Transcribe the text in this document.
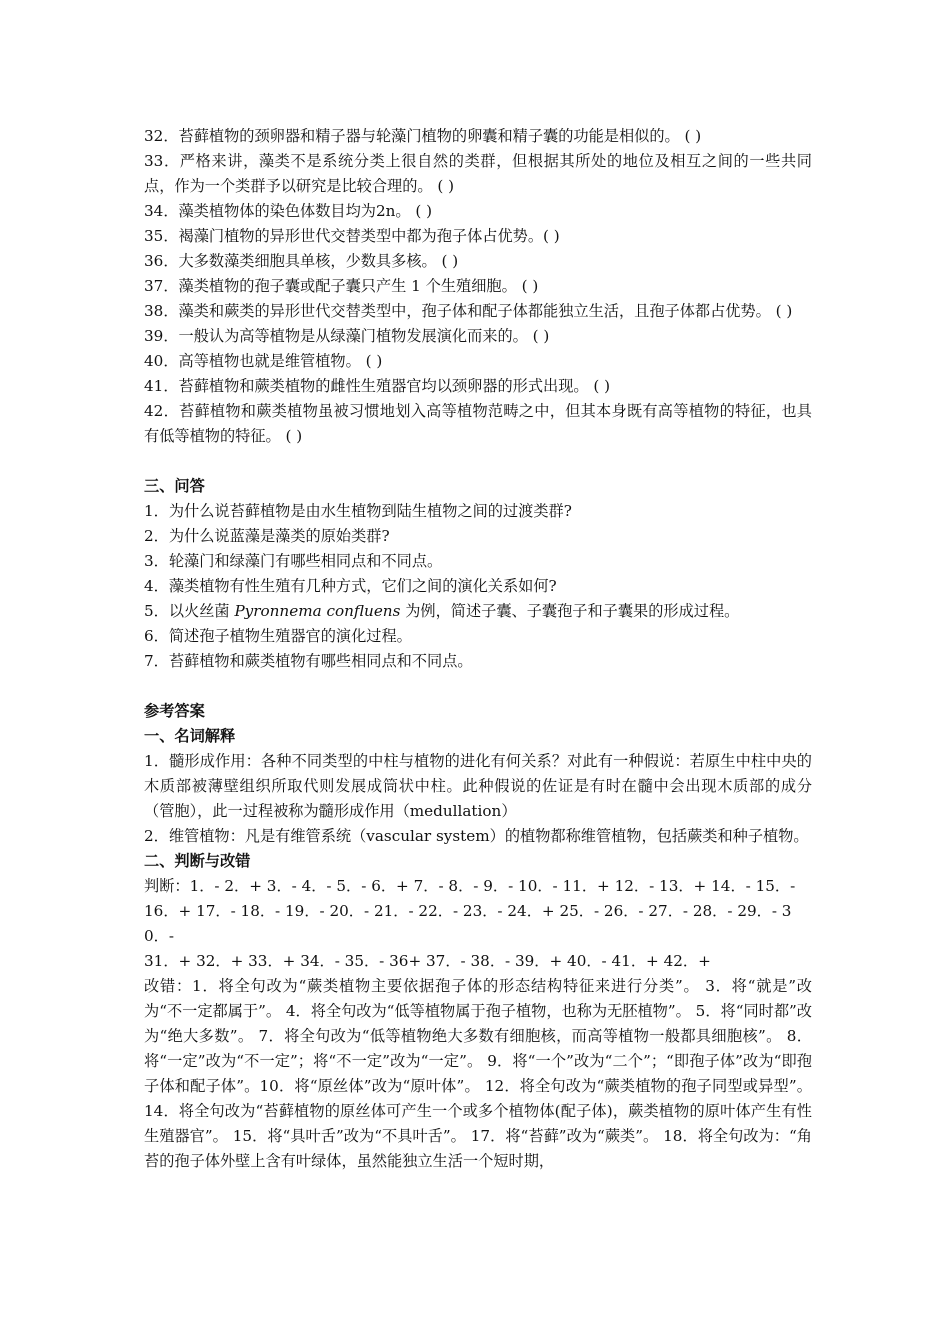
32．苔藓植物的颈卵器和精子器与轮藻门植物的卵囊和精子囊的功能是相似的。 ( )

33．严格来讲，藻类不是系统分类上很自然的类群，但根据其所处的地位及相互之间的一些共同点，作为一个类群予以研究是比较合理的。 ( )

34．藻类植物体的染色体数目均为2n。 ( )

35．褐藻门植物的异形世代交替类型中都为孢子体占优势。( )

36．大多数藻类细胞具单核，少数具多核。 ( )

37．藻类植物的孢子囊或配子囊只产生 1 个生殖细胞。 ( )

38．藻类和蕨类的异形世代交替类型中，孢子体和配子体都能独立生活，且孢子体都占优势。 ( )

39．一般认为高等植物是从绿藻门植物发展演化而来的。 ( )

40．高等植物也就是维管植物。 ( )

41．苔藓植物和蕨类植物的雌性生殖器官均以颈卵器的形式出现。 ( )

42．苔藓植物和蕨类植物虽被习惯地划入高等植物范畴之中，但其本身既有高等植物的特征，也具有低等植物的特征。 ( )

三、问答

1．为什么说苔藓植物是由水生植物到陆生植物之间的过渡类群?

2．为什么说蓝藻是藻类的原始类群?

3．轮藻门和绿藻门有哪些相同点和不同点。

4．藻类植物有性生殖有几种方式，它们之间的演化关系如何?

5．以火丝菌 Pyronnema confluens 为例，简述子囊、子囊孢子和子囊果的形成过程。

6．简述孢子植物生殖器官的演化过程。

7．苔藓植物和蕨类植物有哪些相同点和不同点。

参考答案

一、名词解释

1．髓形成作用：各种不同类型的中柱与植物的进化有何关系？对此有一种假说：若原生中柱中央的木质部被薄壁组织所取代则发展成筒状中柱。此种假说的佐证是有时在髓中会出现木质部的成分（管胞），此一过程被称为髓形成作用（medullation）

2．维管植物：凡是有维管系统（vascular system）的植物都称维管植物，包括蕨类和种子植物。

二、判断与改错

判断：1．- 2．+ 3．- 4．- 5．- 6．+ 7．- 8．- 9．- 10．- 11．+ 12．- 13．+ 14．- 15．-

16．+ 17．- 18．- 19．- 20．- 21．- 22．- 23．- 24．+ 25．- 26．- 27．- 28．- 29．- 30．-

31．+ 32．+ 33．+ 34．- 35．- 36+ 37．- 38．- 39．+ 40．- 41．+ 42．+

改错：1．将全句改为“蕨类植物主要依据孢子体的形态结构特征来进行分类”。 3．将“就是”改为“不一定都属于”。 4．将全句改为“低等植物属于孢子植物，也称为无胚植物”。 5．将“同时都”改为“绝大多数”。 7．将全句改为“低等植物绝大多数有细胞核，而高等植物一般都具细胞核”。 8．将“一定”改为“不一定”；将“不一定”改为“一定”。 9．将“一个”改为“二个”；“即孢子体”改为“即孢子体和配子体”。10．将“原丝体”改为“原叶体”。 12．将全句改为“蕨类植物的孢子同型或异型”。14．将全句改为“苔藓植物的原丝体可产生一个或多个植物体(配子体)，蕨类植物的原叶体产生有性生殖器官”。 15．将“具叶舌”改为“不具叶舌”。 17．将“苔藓”改为“蕨类”。 18．将全句改为：“角苔的孢子体外壁上含有叶绿体，虽然能独立生活一个短时期，
